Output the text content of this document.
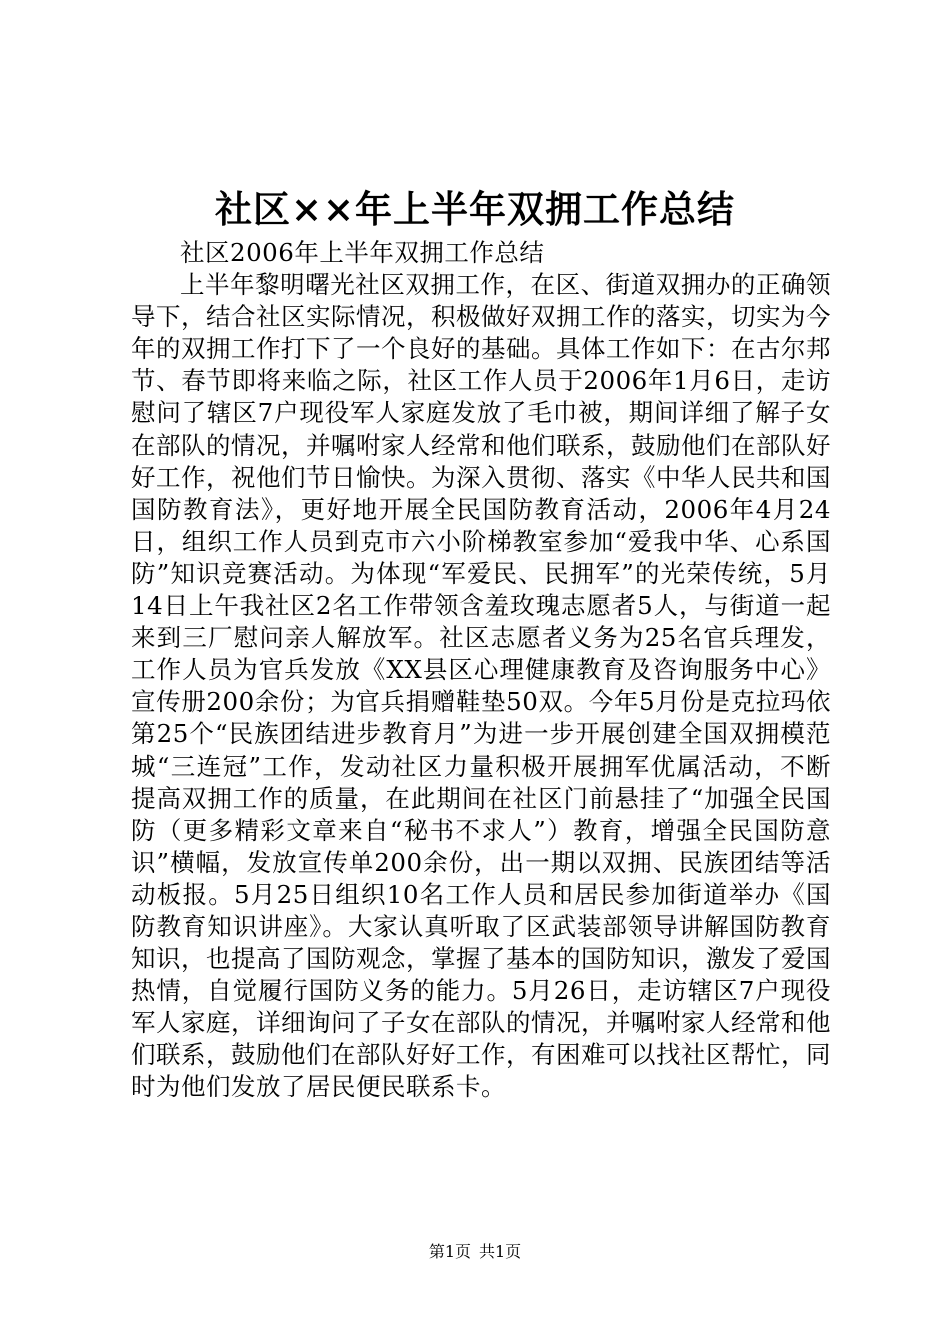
社区××年上半年双拥工作总结

社区2006年上半年双拥工作总结

上半年黎明曙光社区双拥工作，在区、街道双拥办的正确领导下，结合社区实际情况，积极做好双拥工作的落实，切实为今年的双拥工作打下了一个良好的基础。具体工作如下：在古尔邦节、春节即将来临之际，社区工作人员于2006年1月6日，走访慰问了辖区7户现役军人家庭发放了毛巾被，期间详细了解子女在部队的情况，并嘱咐家人经常和他们联系，鼓励他们在部队好好工作，祝他们节日愉快。为深入贯彻、落实《中华人民共和国国防教育法》，更好地开展全民国防教育活动，2006年4月24日，组织工作人员到克市六小阶梯教室参加“爱我中华、心系国防”知识竞赛活动。为体现“军爱民、民拥军”的光荣传统，5月14日上午我社区2名工作带领含羞玫瑰志愿者5人，与街道一起来到三厂慰问亲人解放军。社区志愿者义务为25名官兵理发，工作人员为官兵发放《XX县区心理健康教育及咨询服务中心》宣传册200余份；为官兵捐赠鞋垫50双。今年5月份是克拉玛依第25个“民族团结进步教育月”为进一步开展创建全国双拥模范城“三连冠”工作，发动社区力量积极开展拥军优属活动，不断提高双拥工作的质量，在此期间在社区门前悬挂了“加强全民国防（更多精彩文章来自“秘书不求人”）教育，增强全民国防意识”横幅，发放宣传单200余份，出一期以双拥、民族团结等活动板报。5月25日组织10名工作人员和居民参加街道举办《国防教育知识讲座》。大家认真听取了区武装部领导讲解国防教育知识，也提高了国防观念，掌握了基本的国防知识，激发了爱国热情，自觉履行国防义务的能力。5月26日，走访辖区7户现役军人家庭，详细询问了子女在部队的情况，并嘱咐家人经常和他们联系，鼓励他们在部队好好工作，有困难可以找社区帮忙，同时为他们发放了居民便民联系卡。

第1页 共1页
